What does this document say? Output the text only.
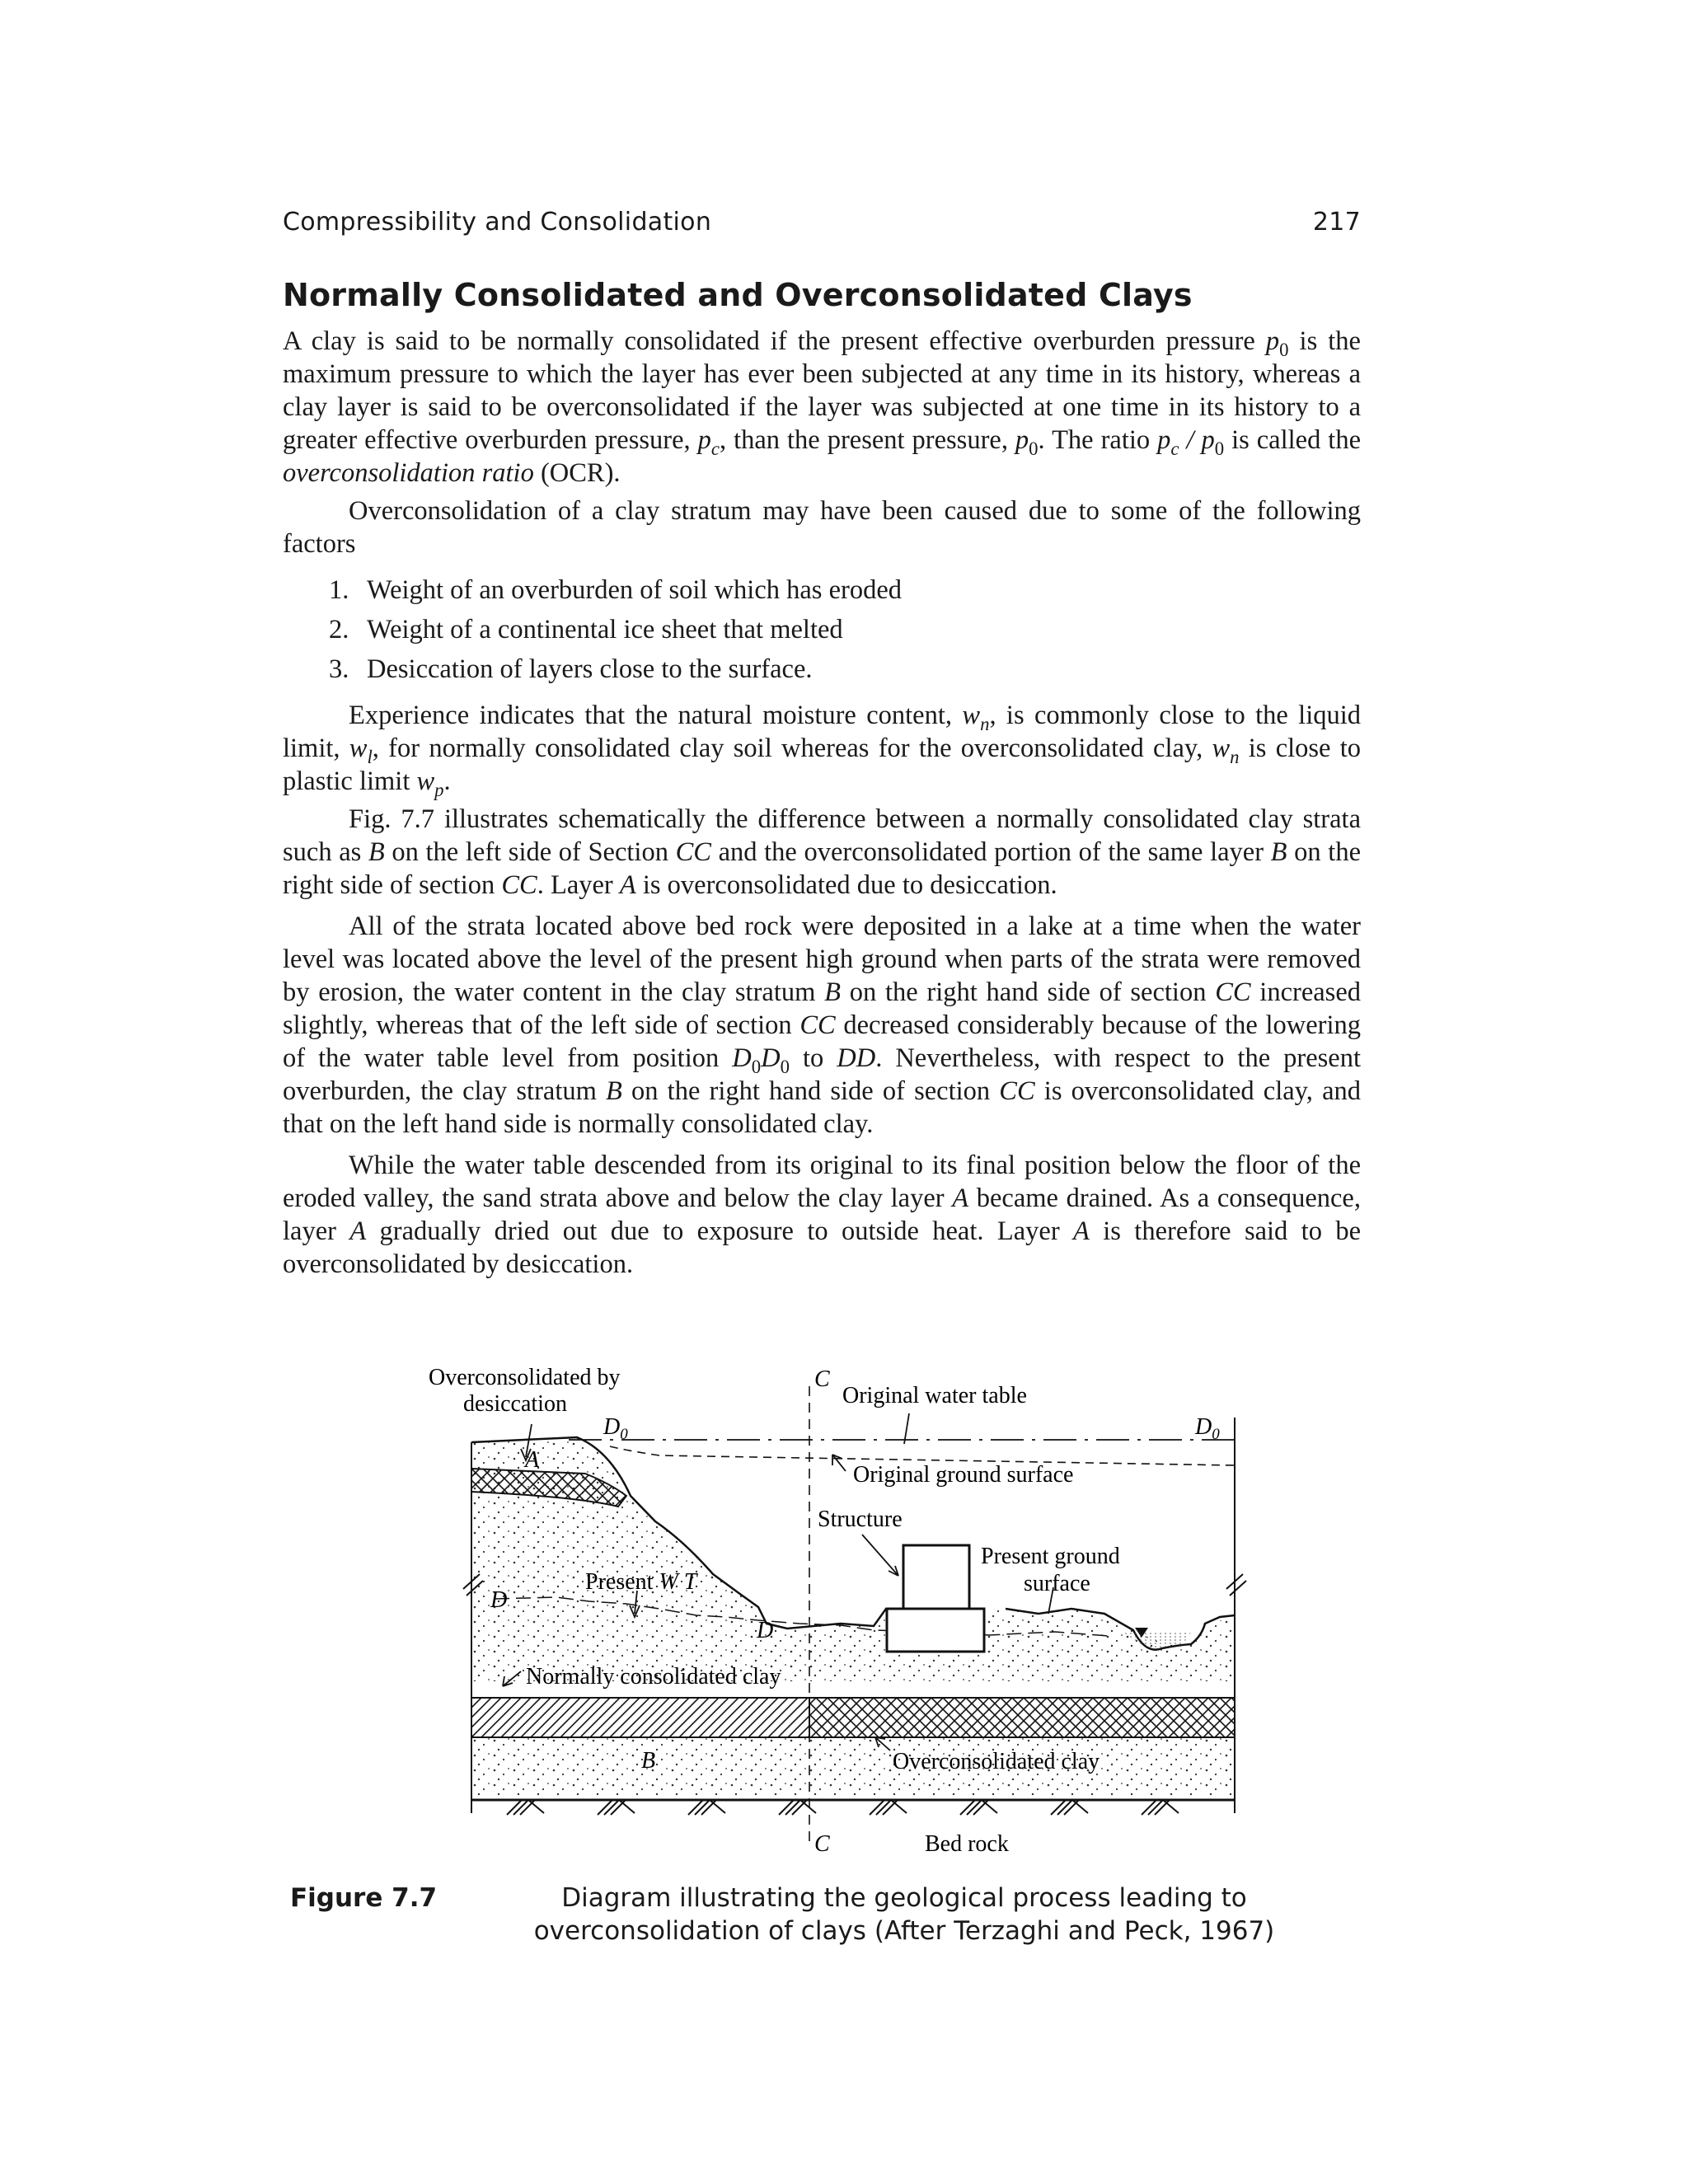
Compressibility and Consolidation	217
Normally Consolidated and Overconsolidated Clays

A clay is said to be normally consolidated if the present effective overburden pressure $p_0$ is the maximum pressure to which the layer has ever been subjected at any time in its history, whereas a clay layer is said to be overconsolidated if the layer was subjected at one time in its history to a greater effective overburden pressure, $p_c$, than the present pressure, $p_0$. The ratio $p_c / p_0$ is called the overconsolidation ratio (OCR).

Overconsolidation of a clay stratum may have been caused due to some of the following factors

1. Weight of an overburden of soil which has eroded
2. Weight of a continental ice sheet that melted
3. Desiccation of layers close to the surface.

Experience indicates that the natural moisture content, $w_n$, is commonly close to the liquid limit, $w_l$, for normally consolidated clay soil whereas for the overconsolidated clay, $w_n$ is close to plastic limit $w_p$.

Fig. 7.7 illustrates schematically the difference between a normally consolidated clay strata such as B on the left side of Section CC and the overconsolidated portion of the same layer B on the right side of section CC. Layer A is overconsolidated due to desiccation.

All of the strata located above bed rock were deposited in a lake at a time when the water level was located above the level of the present high ground when parts of the strata were removed by erosion, the water content in the clay stratum B on the right hand side of section CC increased slightly, whereas that of the left side of section CC decreased considerably because of the lowering of the water table level from position $D_0D_0$ to DD. Nevertheless, with respect to the present overburden, the clay stratum B on the right hand side of section CC is overconsolidated clay, and that on the left hand side is normally consolidated clay.

While the water table descended from its original to its final position below the floor of the eroded valley, the sand strata above and below the clay layer A became drained. As a consequence, layer A gradually dried out due to exposure to outside heat. Layer A is therefore said to be overconsolidated by desiccation.

Overconsolidated by
desiccation
$D_0$	$D_0$
C
C
Original water table
Original ground surface
Structure
Present ground
surface
A
Present W T
D
D
Normally consolidated clay
B	Overconsolidated clay
Bed rock
Figure 7.7	Diagram illustrating the geological process leading to overconsolidation of clays (After Terzaghi and Peck, 1967)
